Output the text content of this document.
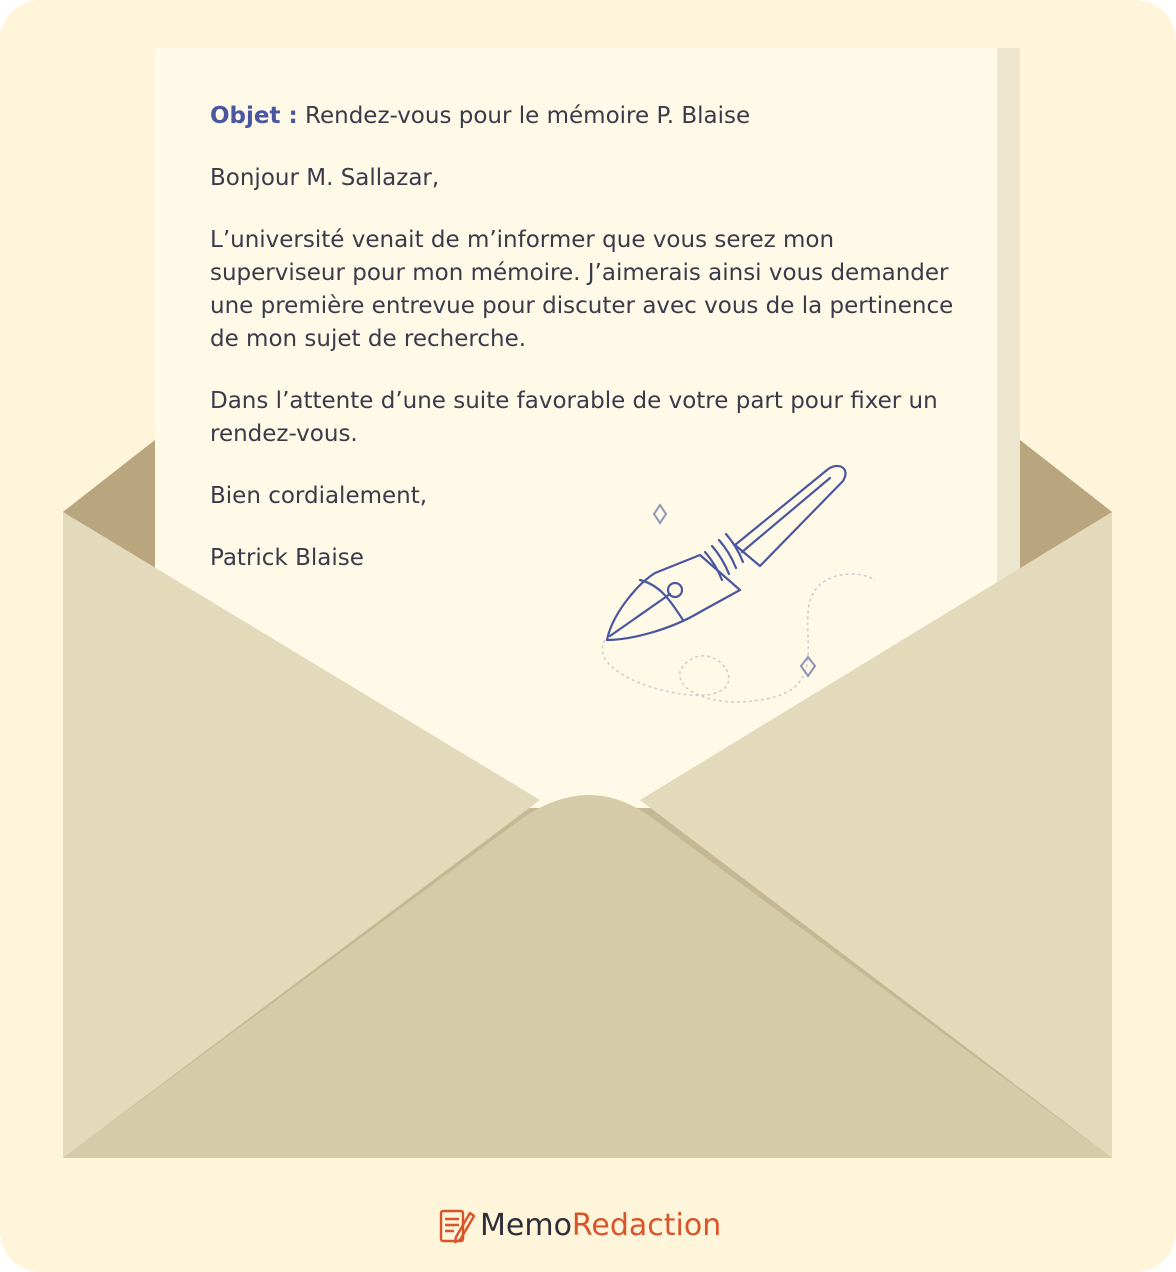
Objet : Rendez-vous pour le mémoire P. Blaise

Bonjour M. Sallazar,

L’université venait de m’informer que vous serez mon superviseur pour mon mémoire. J’aimerais ainsi vous demander une première entrevue pour discuter avec vous de la pertinence de mon sujet de recherche.

Dans l’attente d’une suite favorable de votre part pour fixer un rendez-vous.

Bien cordialement,

Patrick Blaise

Memo Redaction
